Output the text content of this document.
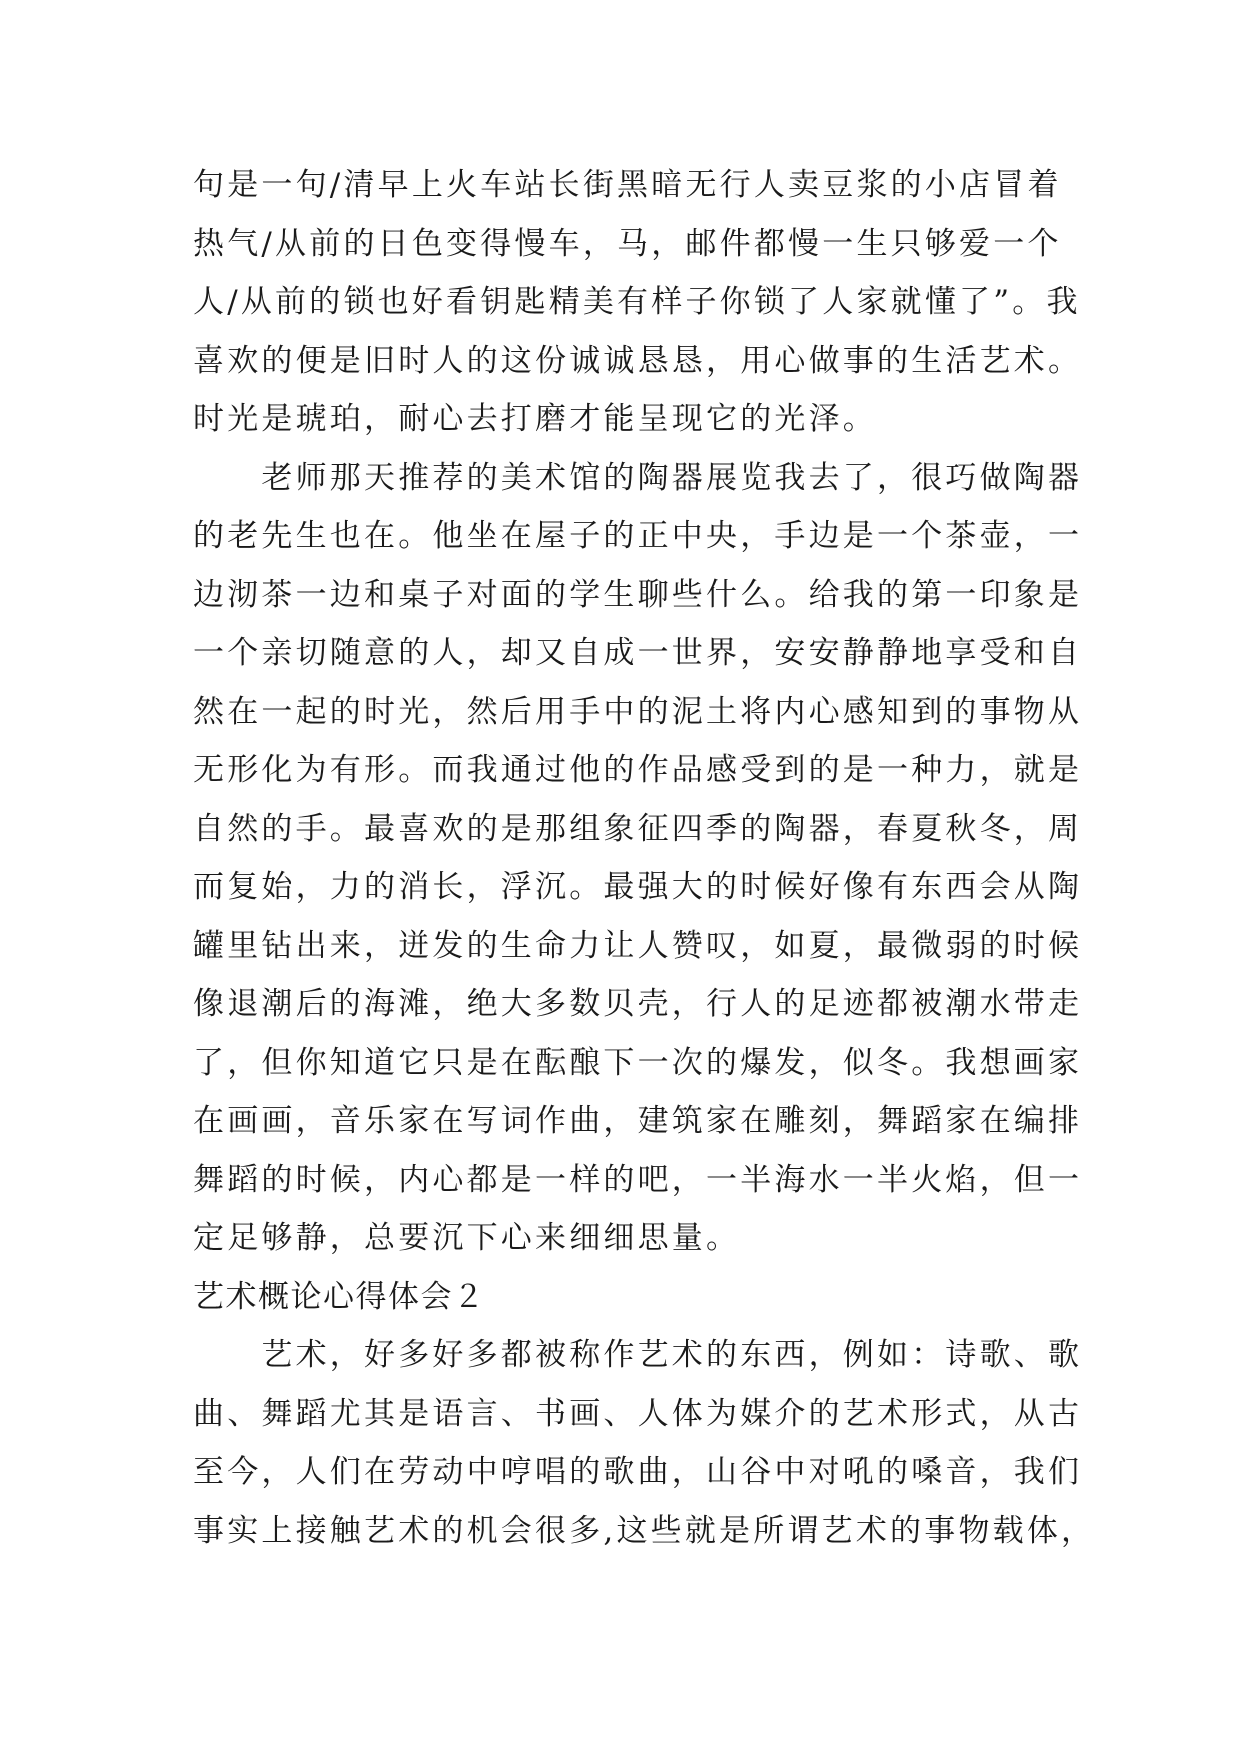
句是一句/清早上火车站长街黑暗无行人卖豆浆的小店冒着
热气/从前的日色变得慢车，马，邮件都慢一生只够爱一个
人/从前的锁也好看钥匙精美有样子你锁了人家就懂了”。我
喜欢的便是旧时人的这份诚诚恳恳，用心做事的生活艺术。
时光是琥珀，耐心去打磨才能呈现它的光泽。
　　老师那天推荐的美术馆的陶器展览我去了，很巧做陶器
的老先生也在。他坐在屋子的正中央，手边是一个茶壶，一
边沏茶一边和桌子对面的学生聊些什么。给我的第一印象是
一个亲切随意的人，却又自成一世界，安安静静地享受和自
然在一起的时光，然后用手中的泥土将内心感知到的事物从
无形化为有形。而我通过他的作品感受到的是一种力，就是
自然的手。最喜欢的是那组象征四季的陶器，春夏秋冬，周
而复始，力的消长，浮沉。最强大的时候好像有东西会从陶
罐里钻出来，迸发的生命力让人赞叹，如夏，最微弱的时候
像退潮后的海滩，绝大多数贝壳，行人的足迹都被潮水带走
了，但你知道它只是在酝酿下一次的爆发，似冬。我想画家
在画画，音乐家在写词作曲，建筑家在雕刻，舞蹈家在编排
舞蹈的时候，内心都是一样的吧，一半海水一半火焰，但一
定足够静，总要沉下心来细细思量。
艺术概论心得体会２
　　艺术，好多好多都被称作艺术的东西，例如：诗歌、歌
曲、舞蹈尤其是语言、书画、人体为媒介的艺术形式，从古
至今，人们在劳动中哼唱的歌曲，山谷中对吼的嗓音，我们
事实上接触艺术的机会很多,这些就是所谓艺术的事物载体，
